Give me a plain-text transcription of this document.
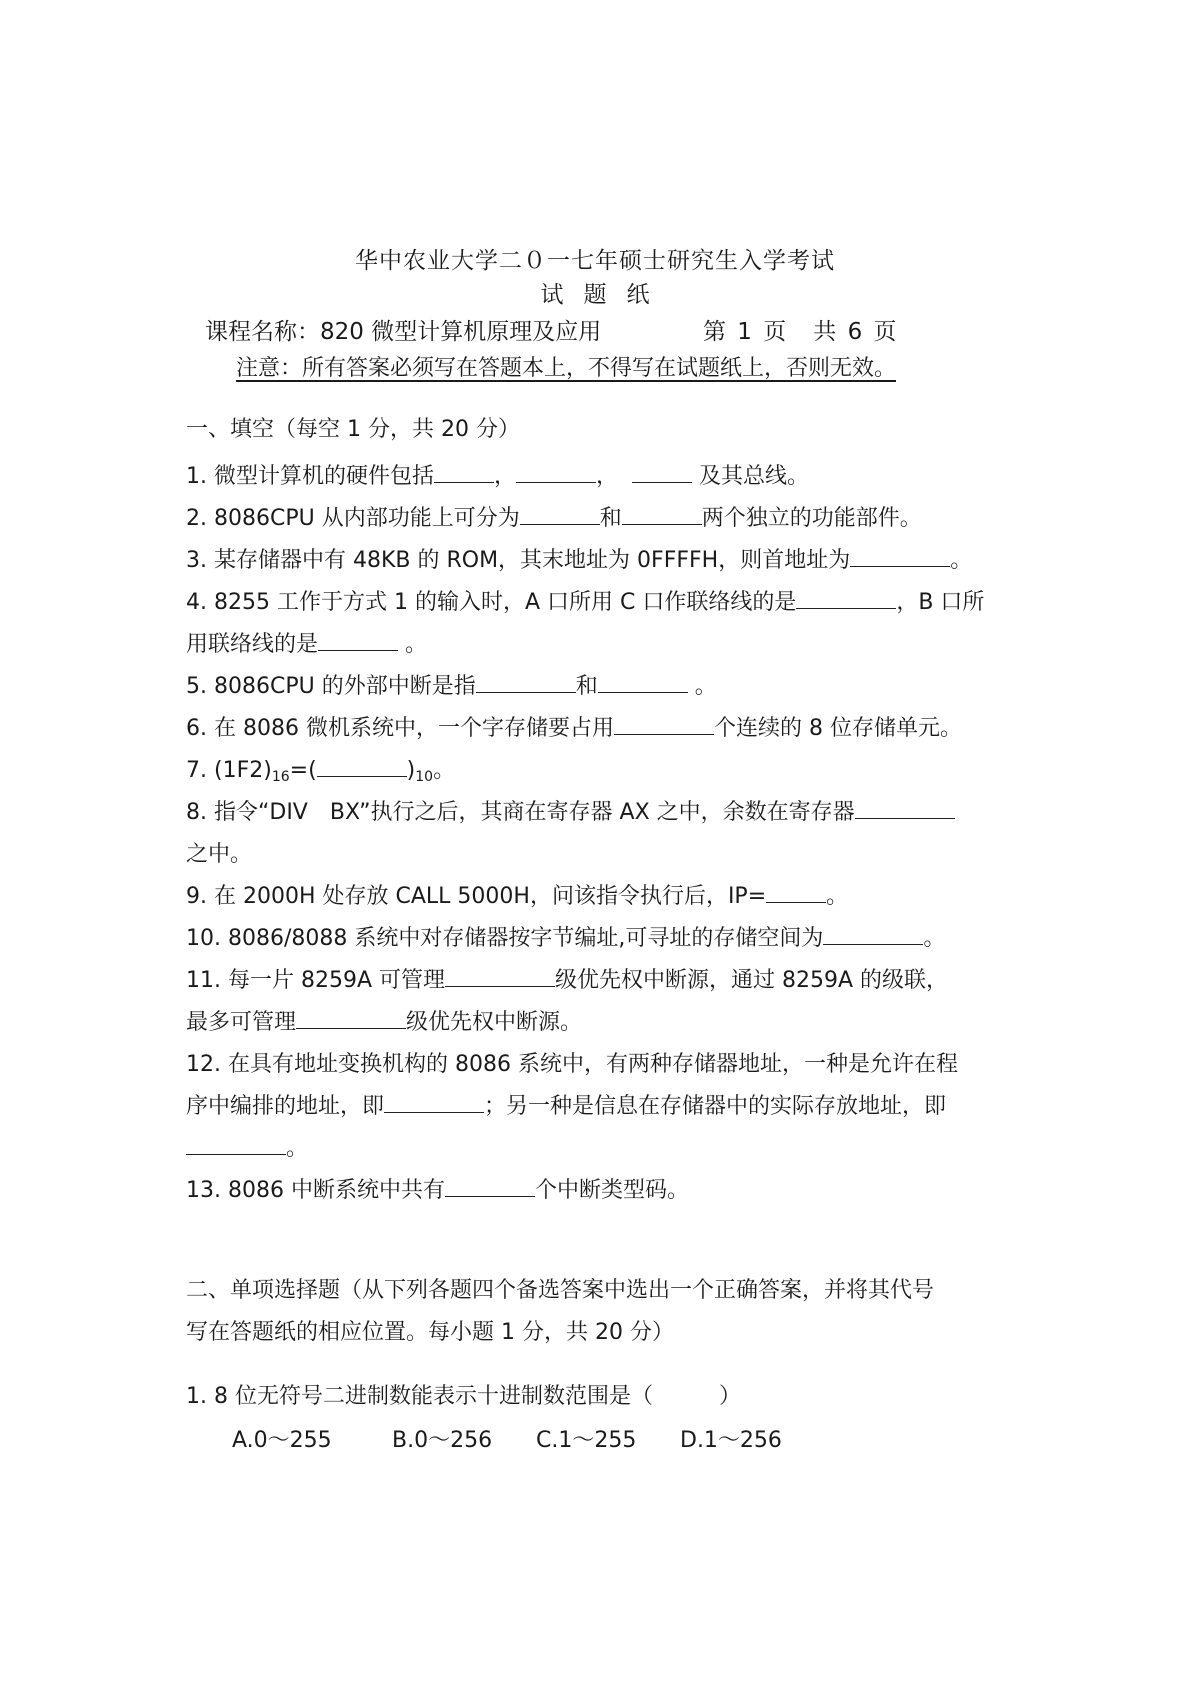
华中农业大学二０一七年硕士研究生入学考试
试题纸
课程名称：820 微型计算机原理及应用	第 1 页　共 6 页
注意：所有答案必须写在答题本上，不得写在试题纸上，否则无效。
一、填空（每空 1 分，共 20 分）
1. 微型计算机的硬件包括	，	，	及其总线。
2. 8086CPU 从内部功能上可分为	和	两个独立的功能部件。
3. 某存储器中有 48KB 的 ROM，其末地址为 0FFFFH，则首地址为	。
4. 8255 工作于方式 1 的输入时，A 口所用 C 口作联络线的是	，B 口所
用联络线的是	。
5. 8086CPU 的外部中断是指	和	。
6. 在 8086 微机系统中，一个字存储要占用	个连续的 8 位存储单元。
7. $(1F2)_{16}=$(	)$_{10}$。
8. 指令“DIV　BX”执行之后，其商在寄存器 AX 之中，余数在寄存器
之中。
9. 在 2000H 处存放 CALL 5000H，问该指令执行后，IP=	。
10. 8086/8088 系统中对存储器按字节编址,可寻址的存储空间为	。
11. 每一片 8259A 可管理	级优先权中断源，通过 8259A 的级联，
最多可管理	级优先权中断源。
12. 在具有地址变换机构的 8086 系统中，有两种存储器地址，一种是允许在程
序中编排的地址，即	；另一种是信息在存储器中的实际存放地址，即
。
13. 8086 中断系统中共有	个中断类型码。
二、单项选择题（从下列各题四个备选答案中选出一个正确答案，并将其代号
写在答题纸的相应位置。每小题 1 分，共 20 分）
1. 8 位无符号二进制数能表示十进制数范围是（　　　）
A.0～255	B.0～256 C.1～255 D.1～256
